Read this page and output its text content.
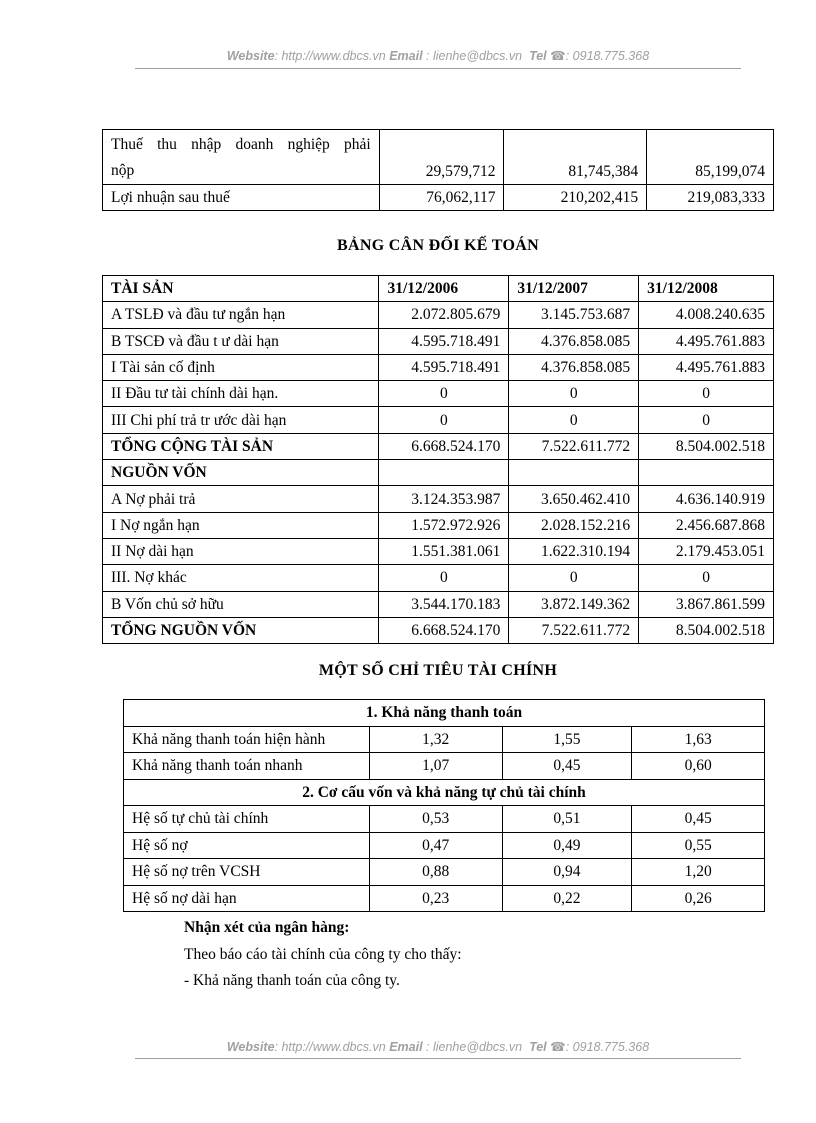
Website: http://www.dbcs.vn Email : lienhe@dbcs.vn Tel ☎: 0918.775.368
Thuế thu nhập doanh nghiệp phải
nộp	29,579,712	81,745,384	85,199,074
Lợi nhuận sau thuế	76,062,117	210,202,415	219,083,333
BẢNG CÂN ĐỐI KẾ TOÁN
TÀI SẢN	31/12/2006	31/12/2007	31/12/2008
A TSLĐ và đầu tư ngắn hạn	2.072.805.679	3.145.753.687	4.008.240.635
B TSCĐ và đầu t ư dài hạn	4.595.718.491	4.376.858.085	4.495.761.883
I Tài sản cố định	4.595.718.491	4.376.858.085	4.495.761.883
II Đầu tư tài chính dài hạn.	0	0	0
III Chi phí trả tr ước dài hạn	0	0	0
TỔNG CỘNG TÀI SẢN	6.668.524.170	7.522.611.772	8.504.002.518
NGUỒN VỐN			
A Nợ phải trả	3.124.353.987	3.650.462.410	4.636.140.919
I Nợ ngắn hạn	1.572.972.926	2.028.152.216	2.456.687.868
II Nợ dài hạn	1.551.381.061	1.622.310.194	2.179.453.051
III. Nợ khác	0	0	0
B Vốn chủ sở hữu	3.544.170.183	3.872.149.362	3.867.861.599
TỔNG NGUỒN VỐN	6.668.524.170	7.522.611.772	8.504.002.518
MỘT SỐ CHỈ TIÊU TÀI CHÍNH
1. Khả năng thanh toán			
Khả năng thanh toán hiện hành	1,32	1,55	1,63
Khả năng thanh toán nhanh	1,07	0,45	0,60
2. Cơ cấu vốn và khả năng tự chủ tài chính			
Hệ số tự chủ tài chính	0,53	0,51	0,45
Hệ số nợ	0,47	0,49	0,55
Hệ số nợ trên VCSH	0,88	0,94	1,20
Hệ số nợ dài hạn	0,23	0,22	0,26
Nhận xét của ngân hàng:
Theo báo cáo tài chính của công ty cho thấy:
- Khả năng thanh toán của công ty.
Website: http://www.dbcs.vn Email : lienhe@dbcs.vn Tel ☎: 0918.775.368
